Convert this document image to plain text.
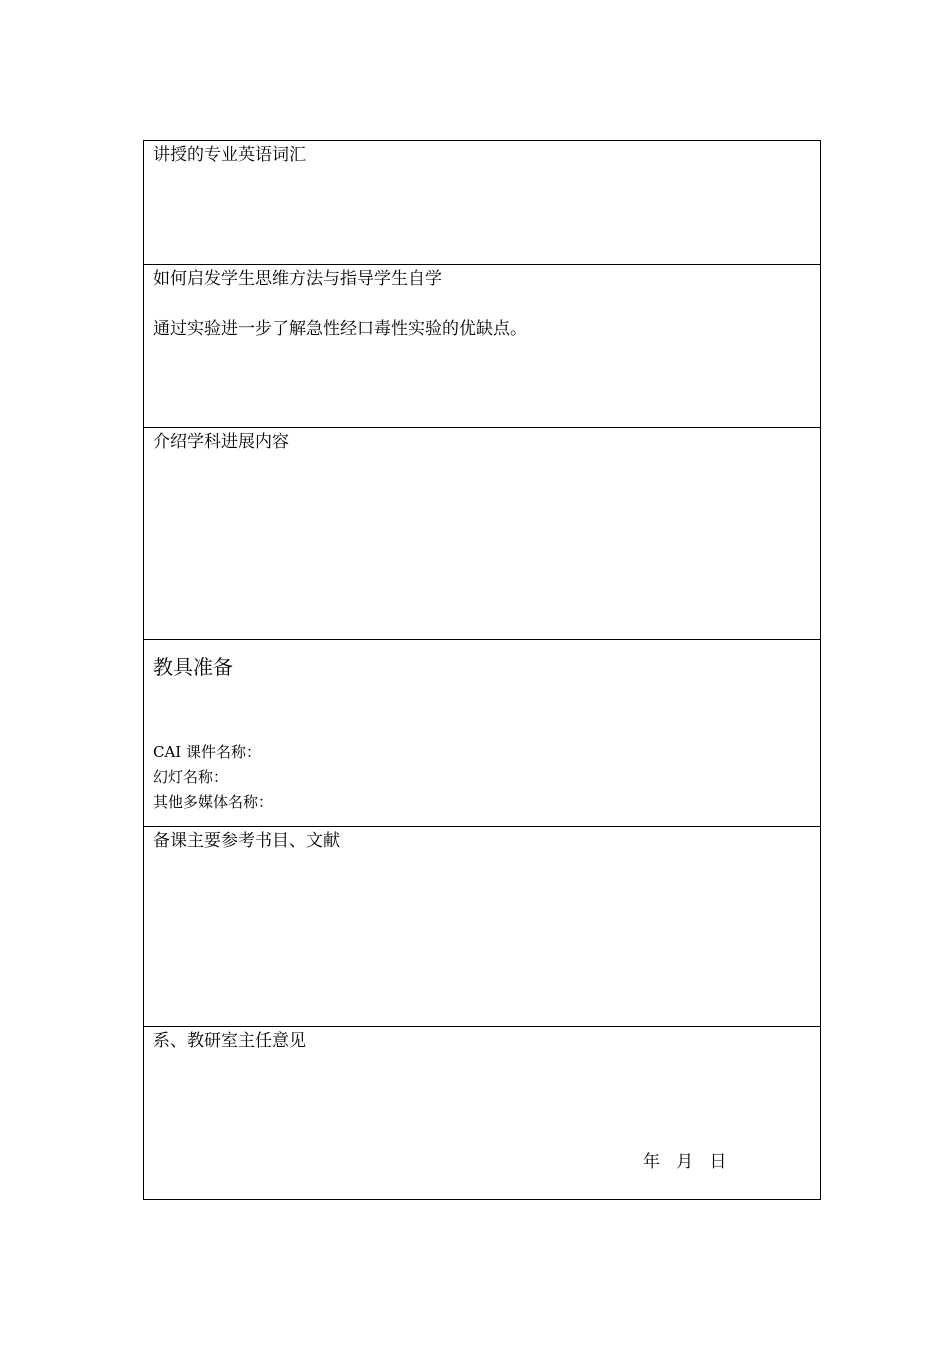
讲授的专业英语词汇
如何启发学生思维方法与指导学生自学
通过实验进一步了解急性经口毒性实验的优缺点。
介绍学科进展内容
教具准备
CAI 课件名称：
幻灯名称：
其他多媒体名称：
备课主要参考书目、文献
系、教研室主任意见
年 月 日
